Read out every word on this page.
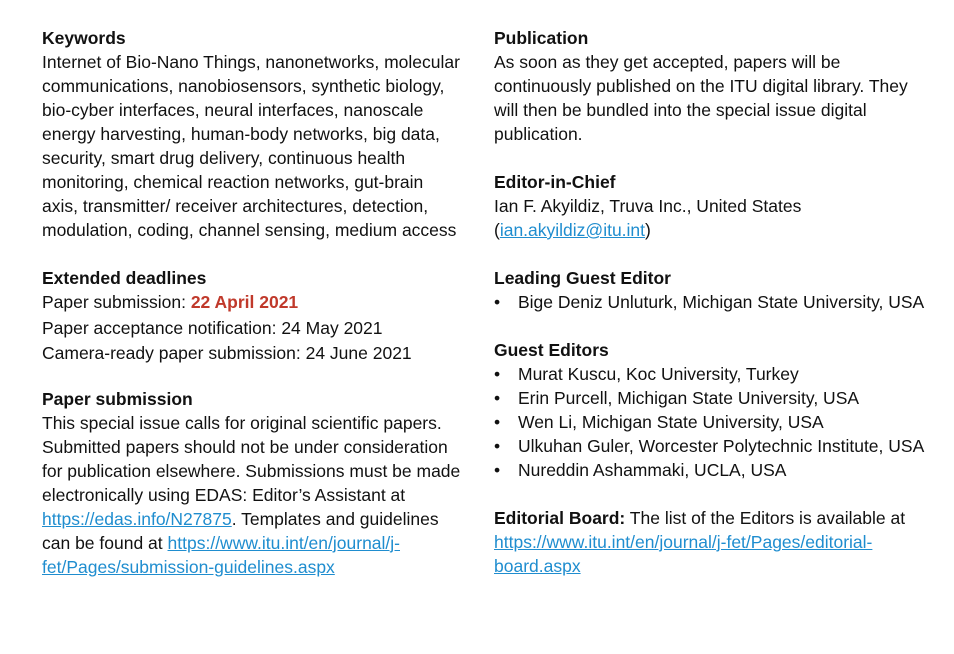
Keywords

Internet of Bio-Nano Things, nanonetworks, molecular communications, nanobiosensors, synthetic biology, bio-cyber interfaces, neural interfaces, nanoscale energy harvesting, human-body networks, big data, security, smart drug delivery, continuous health monitoring, chemical reaction networks, gut-brain axis, transmitter/ receiver architectures, detection, modulation, coding, channel sensing, medium access

Extended deadlines

Paper submission: 22 April 2021

Paper acceptance notification: 24 May 2021

Camera-ready paper submission: 24 June 2021

Paper submission

This special issue calls for original scientific papers. Submitted papers should not be under consideration for publication elsewhere. Submissions must be made electronically using EDAS: Editor’s Assistant at https://edas.info/N27875. Templates and guidelines can be found at https://www.itu.int/en/journal/j-fet/Pages/submission-guidelines.aspx

Publication

As soon as they get accepted, papers will be continuously published on the ITU digital library. They will then be bundled into the special issue digital publication.

Editor-in-Chief

Ian F. Akyildiz, Truva Inc., United States

(ian.akyildiz@itu.int)

Leading Guest Editor

• Bige Deniz Unluturk, Michigan State University, USA

Guest Editors

• Murat Kuscu, Koc University, Turkey
• Erin Purcell, Michigan State University, USA
• Wen Li, Michigan State University, USA
• Ulkuhan Guler, Worcester Polytechnic Institute, USA
• Nureddin Ashammaki, UCLA, USA

Editorial Board: The list of the Editors is available at https://www.itu.int/en/journal/j-fet/Pages/editorial-board.aspx
